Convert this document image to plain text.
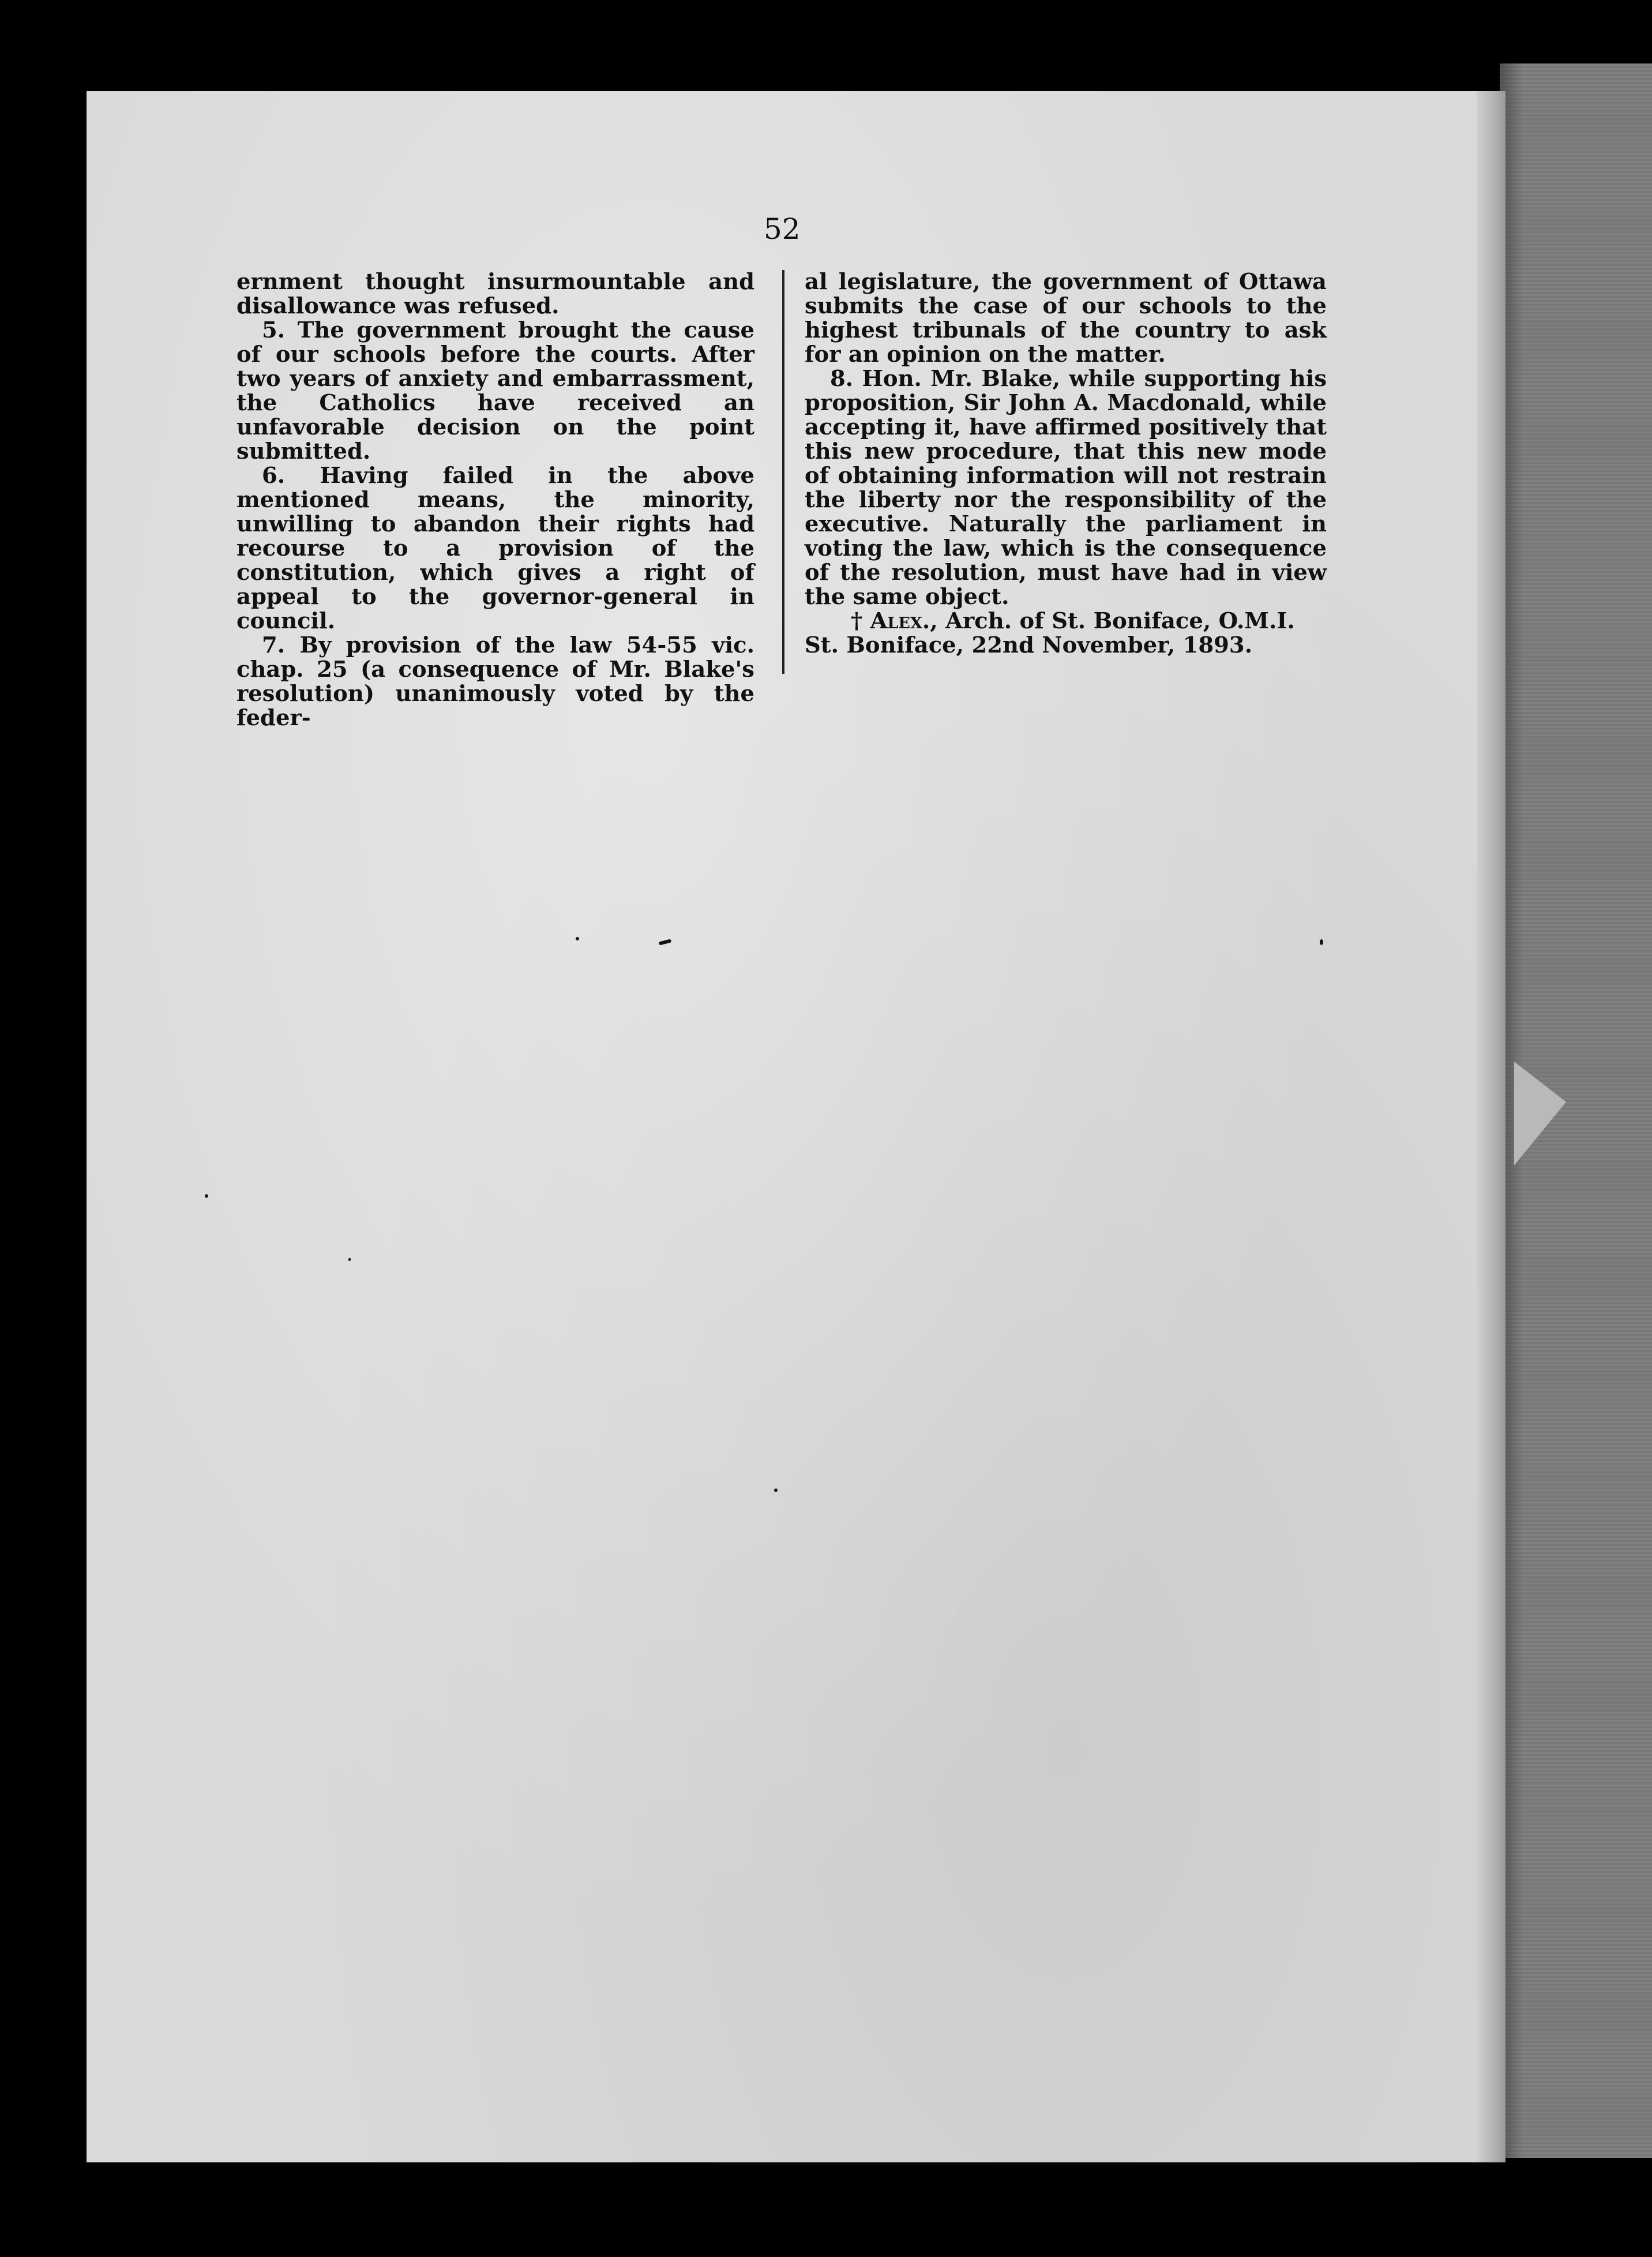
52

ernment thought insurmountable and disallowance was refused.

5. The government brought the cause of our schools before the courts. After two years of anxiety and embarrassment, the Catholics have received an unfavorable decision on the point submitted.

6. Having failed in the above mentioned means, the minority, unwilling to abandon their rights had recourse to a provision of the constitution, which gives a right of appeal to the governor-general in council.

7. By provision of the law 54-55 vic. chap. 25 (a consequence of Mr. Blake's resolution) unanimously voted by the feder-

al legislature, the government of Ottawa submits the case of our schools to the highest tribunals of the country to ask for an opinion on the matter.

8. Hon. Mr. Blake, while supporting his proposition, Sir John A. Macdonald, while accepting it, have affirmed positively that this new procedure, that this new mode of obtaining information will not restrain the liberty nor the responsibility of the executive. Naturally the parliament in voting the law, which is the consequence of the resolution, must have had in view the same object.

† Alex., Arch. of St. Boniface, O.M.I.

St. Boniface, 22nd November, 1893.
